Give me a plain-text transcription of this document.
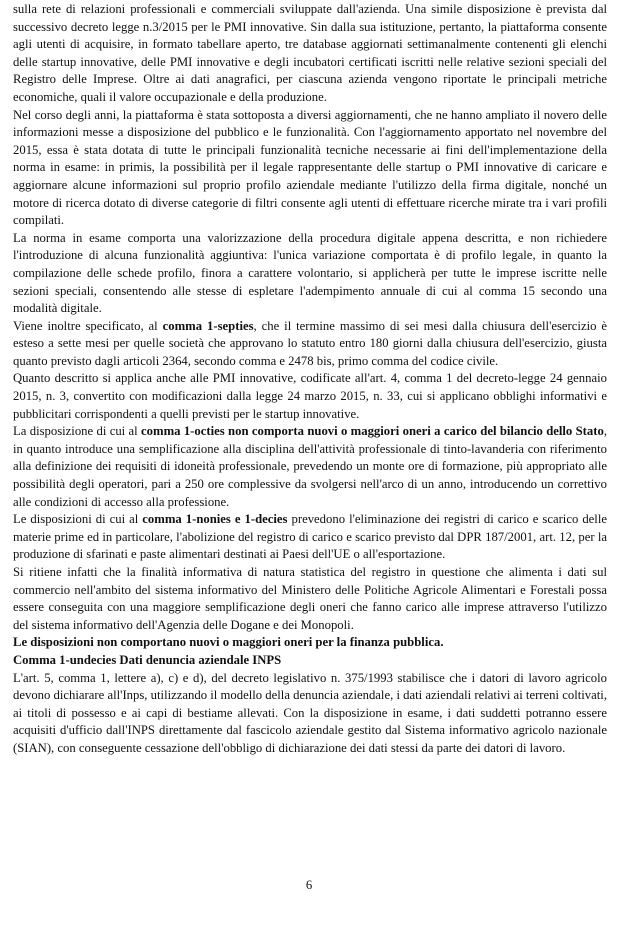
sulla rete di relazioni professionali e commerciali sviluppate dall'azienda. Una simile disposizione è prevista dal successivo decreto legge n.3/2015 per le PMI innovative. Sin dalla sua istituzione, pertanto, la piattaforma consente agli utenti di acquisire, in formato tabellare aperto, tre database aggiornati settimanalmente contenenti gli elenchi delle startup innovative, delle PMI innovative e degli incubatori certificati iscritti nelle relative sezioni speciali del Registro delle Imprese. Oltre ai dati anagrafici, per ciascuna azienda vengono riportate le principali metriche economiche, quali il valore occupazionale e della produzione.

Nel corso degli anni, la piattaforma è stata sottoposta a diversi aggiornamenti, che ne hanno ampliato il novero delle informazioni messe a disposizione del pubblico e le funzionalità. Con l'aggiornamento apportato nel novembre del 2015, essa è stata dotata di tutte le principali funzionalità tecniche necessarie ai fini dell'implementazione della norma in esame: in primis, la possibilità per il legale rappresentante delle startup o PMI innovative di caricare e aggiornare alcune informazioni sul proprio profilo aziendale mediante l'utilizzo della firma digitale, nonché un motore di ricerca dotato di diverse categorie di filtri consente agli utenti di effettuare ricerche mirate tra i vari profili compilati.

La norma in esame comporta una valorizzazione della procedura digitale appena descritta, e non richiedere l'introduzione di alcuna funzionalità aggiuntiva: l'unica variazione comportata è di profilo legale, in quanto la compilazione delle schede profilo, finora a carattere volontario, si applicherà per tutte le imprese iscritte nelle sezioni speciali, consentendo alle stesse di espletare l'adempimento annuale di cui al comma 15 secondo una modalità digitale.

Viene inoltre specificato, al comma 1-septies, che il termine massimo di sei mesi dalla chiusura dell'esercizio è esteso a sette mesi per quelle società che approvano lo statuto entro 180 giorni dalla chiusura dell'esercizio, giusta quanto previsto dagli articoli 2364, secondo comma e 2478 bis, primo comma del codice civile.

Quanto descritto si applica anche alle PMI innovative, codificate all'art. 4, comma 1 del decreto-legge 24 gennaio 2015, n. 3, convertito con modificazioni dalla legge 24 marzo 2015, n. 33, cui si applicano obblighi informativi e pubblicitari corrispondenti a quelli previsti per le startup innovative.

La disposizione di cui al comma 1-octies non comporta nuovi o maggiori oneri a carico del bilancio dello Stato, in quanto introduce una semplificazione alla disciplina dell'attività professionale di tinto-lavanderia con riferimento alla definizione dei requisiti di idoneità professionale, prevedendo un monte ore di formazione, più appropriato alle possibilità degli operatori, pari a 250 ore complessive da svolgersi nell'arco di un anno, introducendo un correttivo alle condizioni di accesso alla professione.

Le disposizioni di cui al comma 1-nonies e 1-decies prevedono l'eliminazione dei registri di carico e scarico delle materie prime ed in particolare, l'abolizione del registro di carico e scarico previsto dal DPR 187/2001, art. 12, per la produzione di sfarinati e paste alimentari destinati ai Paesi dell'UE o all'esportazione.

Si ritiene infatti che la finalità informativa di natura statistica del registro in questione che alimenta i dati sul commercio nell'ambito del sistema informativo del Ministero delle Politiche Agricole Alimentari e Forestali possa essere conseguita con una maggiore semplificazione degli oneri che fanno carico alle imprese attraverso l'utilizzo del sistema informativo dell'Agenzia delle Dogane e dei Monopoli.

Le disposizioni non comportano nuovi o maggiori oneri per la finanza pubblica.

Comma 1-undecies Dati denuncia aziendale INPS

L'art. 5, comma 1, lettere a), c) e d), del decreto legislativo n. 375/1993 stabilisce che i datori di lavoro agricolo devono dichiarare all'Inps, utilizzando il modello della denuncia aziendale, i dati aziendali relativi ai terreni coltivati, ai titoli di possesso e ai capi di bestiame allevati. Con la disposizione in esame, i dati suddetti potranno essere acquisiti d'ufficio dall'INPS direttamente dal fascicolo aziendale gestito dal Sistema informativo agricolo nazionale (SIAN), con conseguente cessazione dell'obbligo di dichiarazione dei dati stessi da parte dei datori di lavoro.

6
